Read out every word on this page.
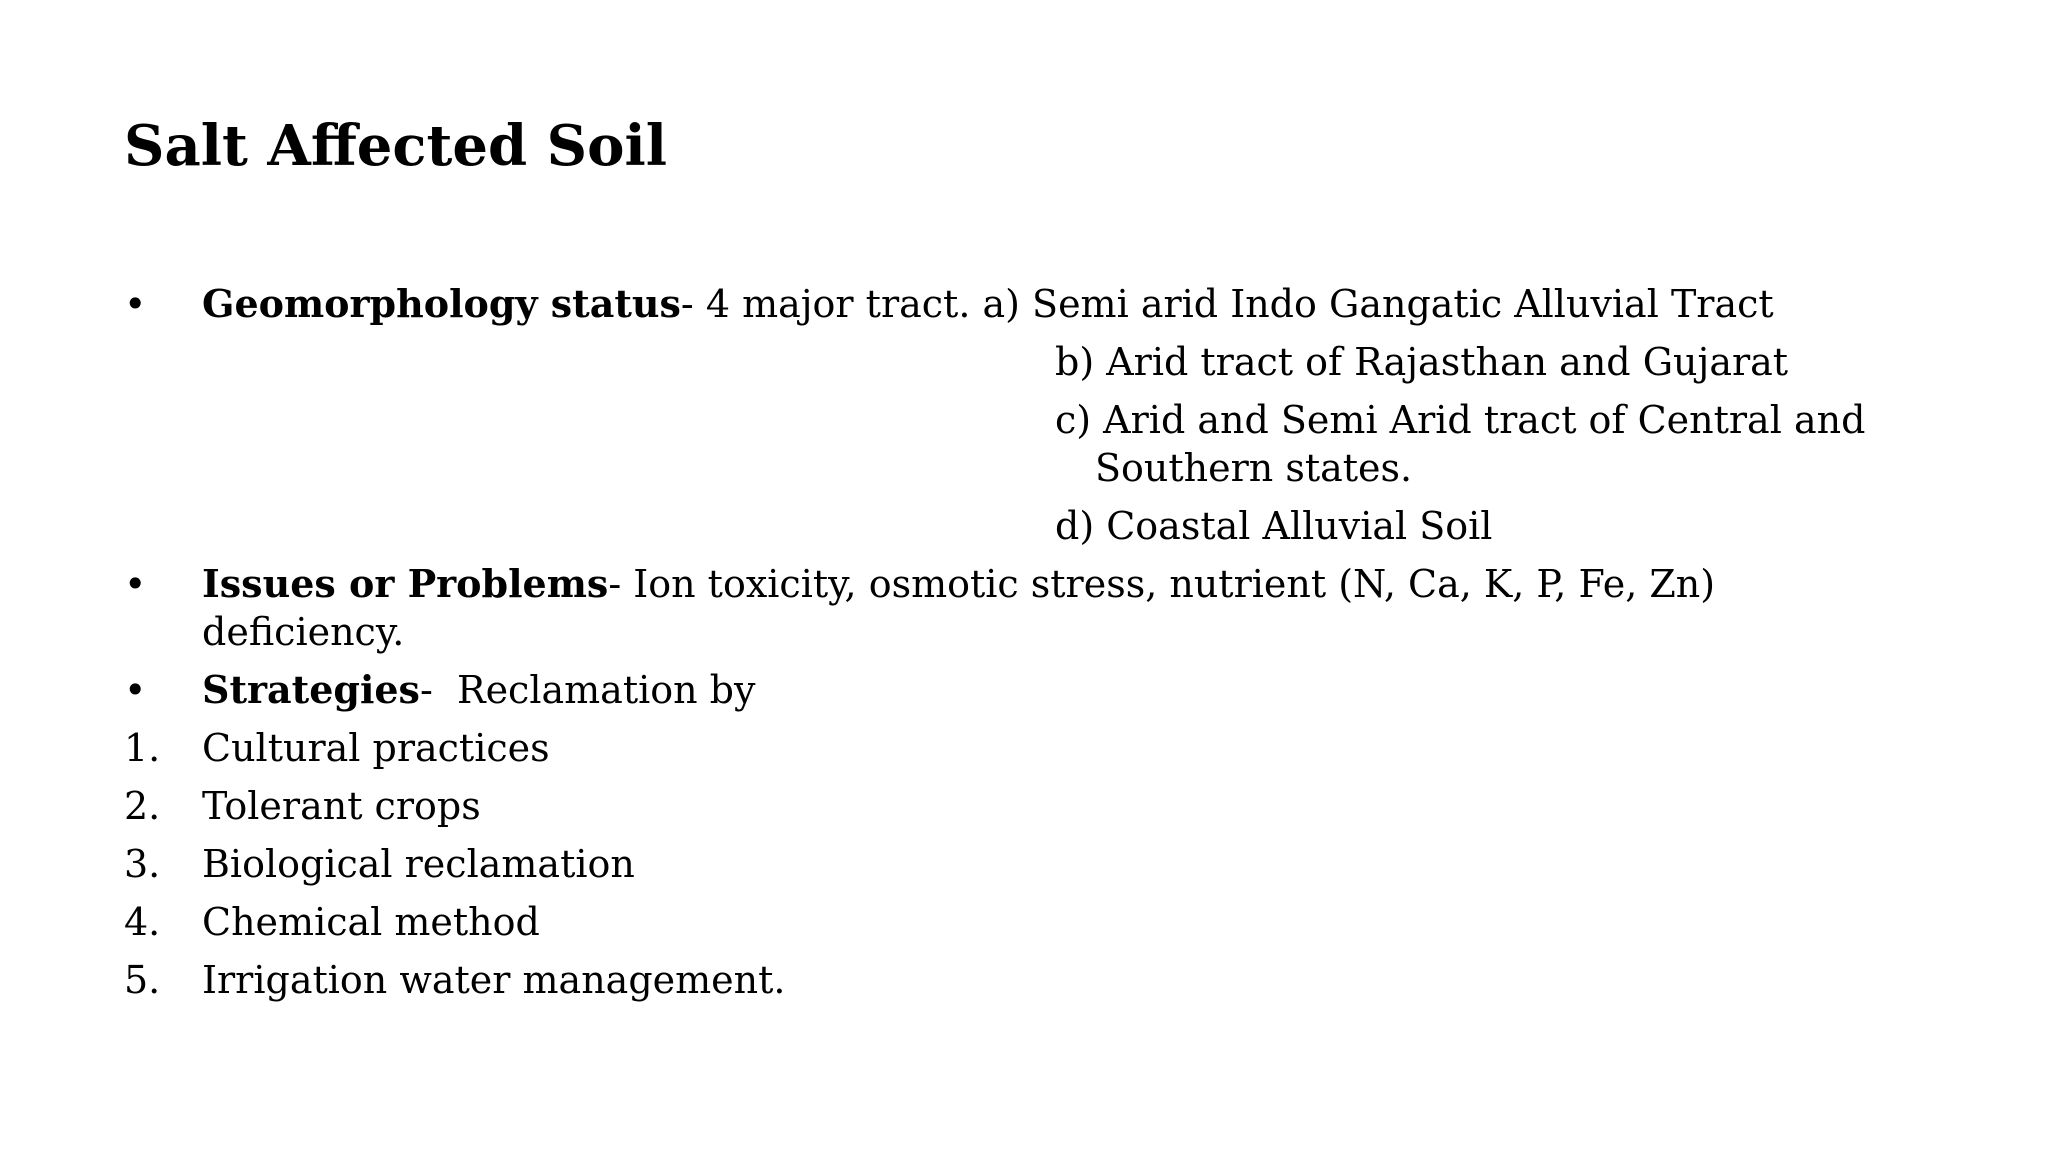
Salt Affected Soil
• Geomorphology status- 4 major tract. a) Semi arid Indo Gangatic Alluvial Tract
b) Arid tract of Rajasthan and Gujarat
c) Arid and Semi Arid tract of Central and Southern states.
d) Coastal Alluvial Soil
• Issues or Problems- Ion toxicity, osmotic stress, nutrient (N, Ca, K, P, Fe, Zn) deficiency.
• Strategies-  Reclamation by
1. Cultural practices
2. Tolerant crops
3. Biological reclamation
4. Chemical method
5. Irrigation water management.
